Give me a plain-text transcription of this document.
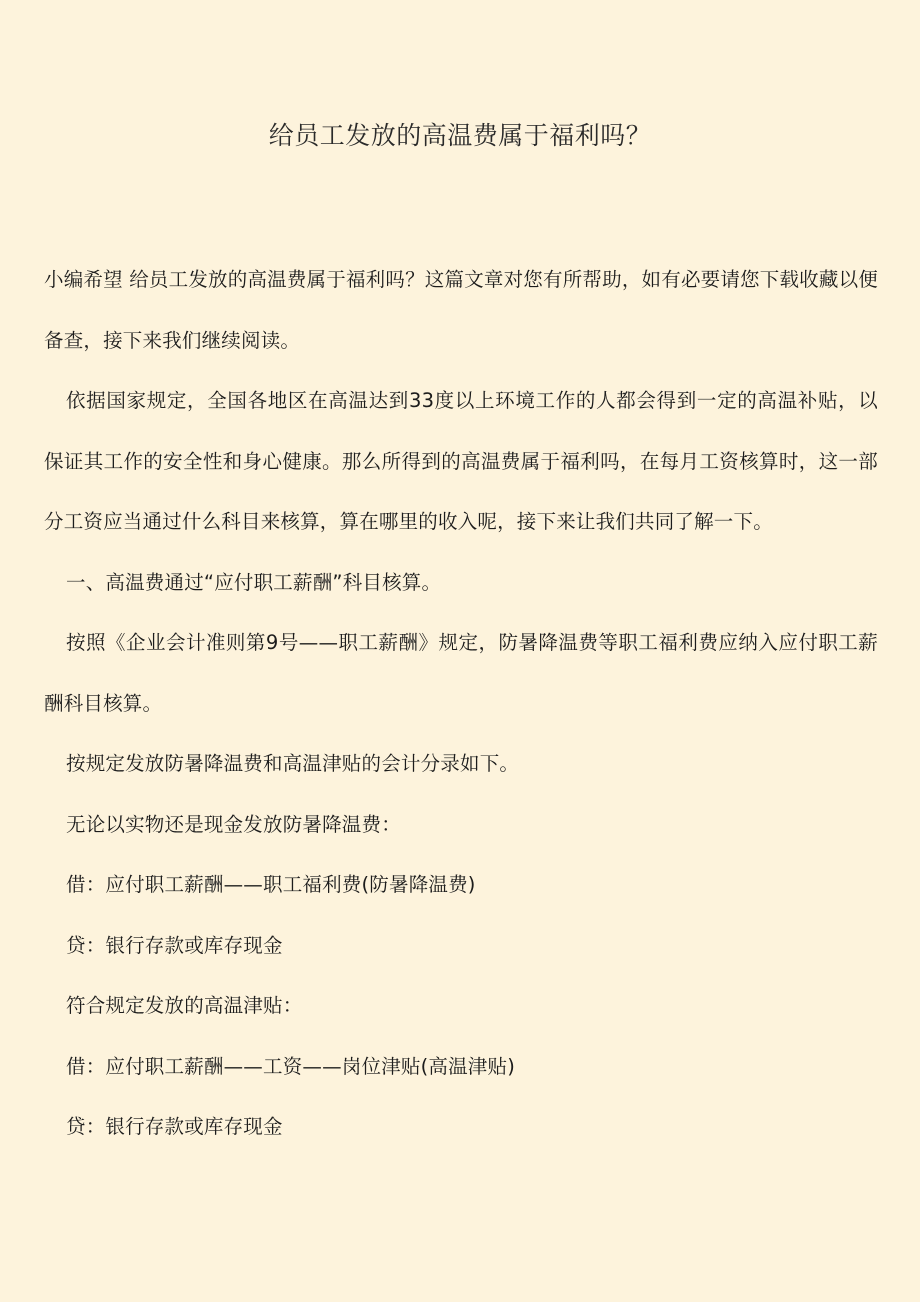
给员工发放的高温费属于福利吗？

小编希望 给员工发放的高温费属于福利吗？这篇文章对您有所帮助，如有必要请您下载收藏以便备查，接下来我们继续阅读。

依据国家规定，全国各地区在高温达到33度以上环境工作的人都会得到一定的高温补贴，以保证其工作的安全性和身心健康。那么所得到的高温费属于福利吗，在每月工资核算时，这一部分工资应当通过什么科目来核算，算在哪里的收入呢，接下来让我们共同了解一下。

一、高温费通过“应付职工薪酬”科目核算。

按照《企业会计准则第9号——职工薪酬》规定，防暑降温费等职工福利费应纳入应付职工薪酬科目核算。

按规定发放防暑降温费和高温津贴的会计分录如下。

无论以实物还是现金发放防暑降温费：

借：应付职工薪酬——职工福利费(防暑降温费)

贷：银行存款或库存现金

符合规定发放的高温津贴：

借：应付职工薪酬——工资——岗位津贴(高温津贴)

贷：银行存款或库存现金
